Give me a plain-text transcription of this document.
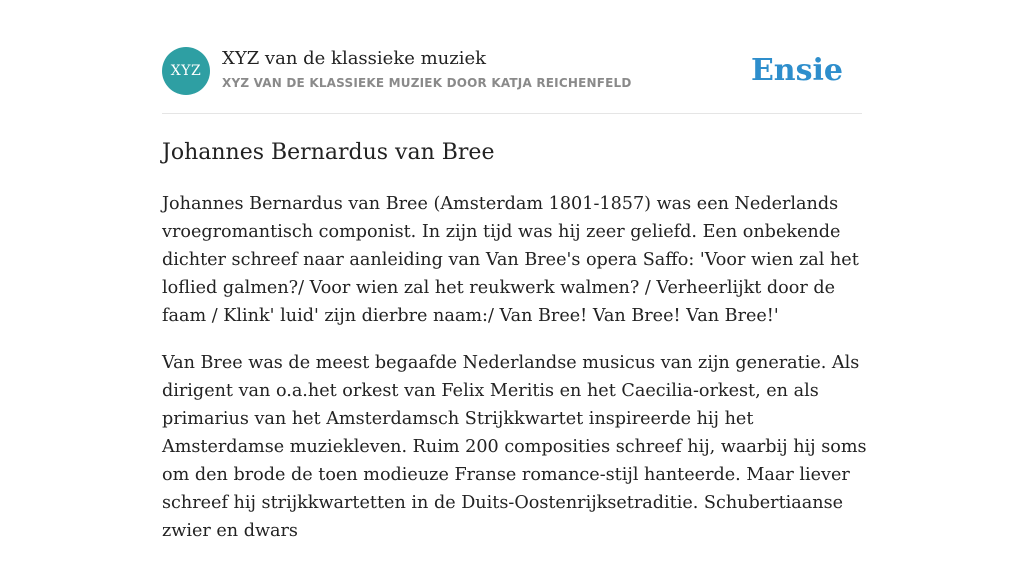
XYZ
XYZ van de klassieke muziek
XYZ VAN DE KLASSIEKE MUZIEK DOOR KATJA REICHENFELD	Ensie
Johannes Bernardus van Bree

Johannes Bernardus van Bree (Amsterdam 1801-1857) was een Nederlands vroegromantisch componist. In zijn tijd was hij zeer geliefd. Een onbekende dichter schreef naar aanleiding van Van Bree's opera Saffo: 'Voor wien zal het loflied galmen?/ Voor wien zal het reukwerk walmen? / Verheerlijkt door de faam / Klink' luid' zijn dierbre naam:/ Van Bree! Van Bree! Van Bree!'

Van Bree was de meest begaafde Nederlandse musicus van zijn generatie. Als dirigent van o.a.het orkest van Felix Meritis en het Caecilia-orkest, en als primarius van het Amsterdamsch Strijkkwartet inspireerde hij het Amsterdamse muziekleven. Ruim 200 composities schreef hij, waarbij hij soms om den brode de toen modieuze Franse romance-stijl hanteerde. Maar liever schreef hij strijkkwartetten in de Duits-Oostenrijksetraditie. Schubertiaanse zwier en dwars
